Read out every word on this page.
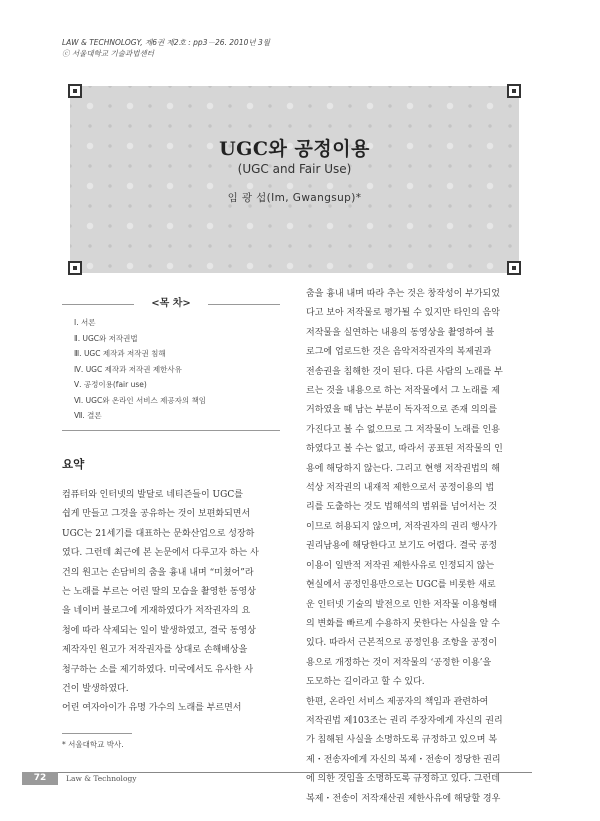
LAW & TECHNOLOGY, 제6권 제2호 : pp3－26. 2010년 3월
ⓒ 서울대학교 기술과법센터
UGC와 공정이용
(UGC and Fair Use)
임 광 섭(Im, Gwangsup)*
<목 차>
Ⅰ. 서론
Ⅱ. UGC와 저작권법
Ⅲ. UGC 제작과 저작권 침해
Ⅳ. UGC 제작과 저작권 제한사유
Ⅴ. 공정이용(fair use)
Ⅵ. UGC와 온라인 서비스 제공자의 책임
Ⅶ. 결론
요약

컴퓨터와 인터넷의 발달로 네티즌들이 UGC를

쉽게 만들고 그것을 공유하는 것이 보편화되면서

UGC는 21세기를 대표하는 문화산업으로 성장하

였다. 그런데 최근에 본 논문에서 다루고자 하는 사

건의 원고는 손담비의 춤을 흉내 내며 “미쳤어”라

는 노래를 부르는 어린 딸의 모습을 촬영한 동영상

을 네이버 블로그에 게재하였다가 저작권자의 요

청에 따라 삭제되는 일이 발생하였고, 결국 동영상

제작자인 원고가 저작권자를 상대로 손해배상을

청구하는 소를 제기하였다. 미국에서도 유사한 사

건이 발생하였다.

어린 여자아이가 유명 가수의 노래를 부르면서

춤을 흉내 내며 따라 추는 것은 창작성이 부가되었

다고 보아 저작물로 평가될 수 있지만 타인의 음악

저작물을 실연하는 내용의 동영상을 촬영하여 블

로그에 업로드한 것은 음악저작권자의 복제권과

전송권을 침해한 것이 된다. 다른 사람의 노래를 부

르는 것을 내용으로 하는 저작물에서 그 노래를 제

거하였을 때 남는 부분이 독자적으로 존재 의의를

가진다고 볼 수 없으므로 그 저작물이 노래를 인용

하였다고 볼 수는 없고, 따라서 공표된 저작물의 인

용에 해당하지 않는다. 그리고 현행 저작권법의 해

석상 저작권의 내재적 제한으로서 공정이용의 법

리를 도출하는 것도 법해석의 범위를 넘어서는 것

이므로 허용되지 않으며, 저작권자의 권리 행사가

권리남용에 해당한다고 보기도 어렵다. 결국 공정

이용이 일반적 저작권 제한사유로 인정되지 않는

현실에서 공정인용만으로는 UGC를 비롯한 새로

운 인터넷 기술의 발전으로 인한 저작물 이용형태

의 변화를 빠르게 수용하지 못한다는 사실을 알 수

있다. 따라서 근본적으로 공정인용 조항을 공정이

용으로 개정하는 것이 저작물의 ‘공정한 이용’을

도모하는 길이라고 할 수 있다.

한편, 온라인 서비스 제공자의 책임과 관련하여

저작권법 제103조는 권리 주장자에게 자신의 권리

가 침해된 사실을 소명하도록 규정하고 있으며 복

제・전송자에게 자신의 복제・전송이 정당한 권리

에 의한 것임을 소명하도록 규정하고 있다. 그런데

복제・전송이 저작재산권 제한사유에 해당할 경우

* 서울대학교 박사.
72	Law & Technology
